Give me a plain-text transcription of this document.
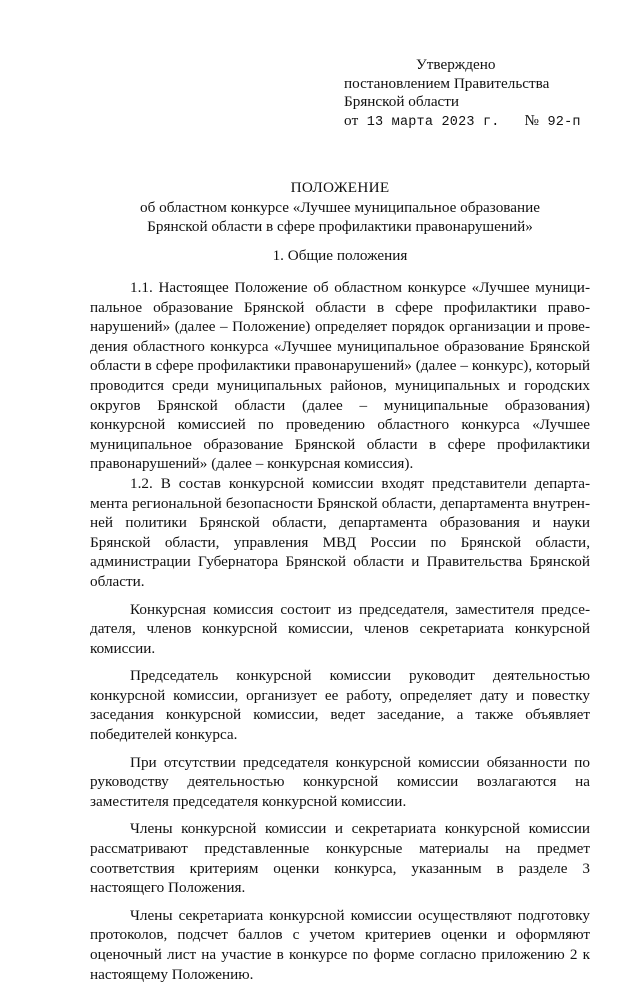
Утверждено
постановлением Правительства
Брянской области
от 13 марта 2023 г. № 92-п
ПОЛОЖЕНИЕ
об областном конкурсе «Лучшее муниципальное образование
Брянской области в сфере профилактики правонарушений»
1. Общие положения

1.1. Настоящее Положение об областном конкурсе «Лучшее муниципальное образование Брянской области в сфере профилактики правонарушений» (далее – Положение) определяет порядок организации и проведения областного конкурса «Лучшее муниципальное образование Брянской области в сфере профилактики правонарушений» (далее – конкурс), который проводится среди муниципальных районов, муниципальных и городских округов Брянской области (далее – муниципальные образования) конкурсной комиссией по проведению областного конкурса «Лучшее муниципальное образование Брянской области в сфере профилактики правонарушений» (далее – конкурсная комиссия).

1.2. В состав конкурсной комиссии входят представители департамента региональной безопасности Брянской области, департамента внутренней политики Брянской области, департамента образования и науки Брянской области, управления МВД России по Брянской области, администрации Губернатора Брянской области и Правительства Брянской области.

Конкурсная комиссия состоит из председателя, заместителя председателя, членов конкурсной комиссии, членов секретариата конкурсной комиссии.

Председатель конкурсной комиссии руководит деятельностью конкурсной комиссии, организует ее работу, определяет дату и повестку заседания конкурсной комиссии, ведет заседание, а также объявляет победителей конкурса.

При отсутствии председателя конкурсной комиссии обязанности по руководству деятельностью конкурсной комиссии возлагаются на заместителя председателя конкурсной комиссии.

Члены конкурсной комиссии и секретариата конкурсной комиссии рассматривают представленные конкурсные материалы на предмет соответствия критериям оценки конкурса, указанным в разделе 3 настоящего Положения.

Члены секретариата конкурсной комиссии осуществляют подготовку протоколов, подсчет баллов с учетом критериев оценки и оформляют оценочный лист на участие в конкурсе по форме согласно приложению 2 к настоящему Положению.
